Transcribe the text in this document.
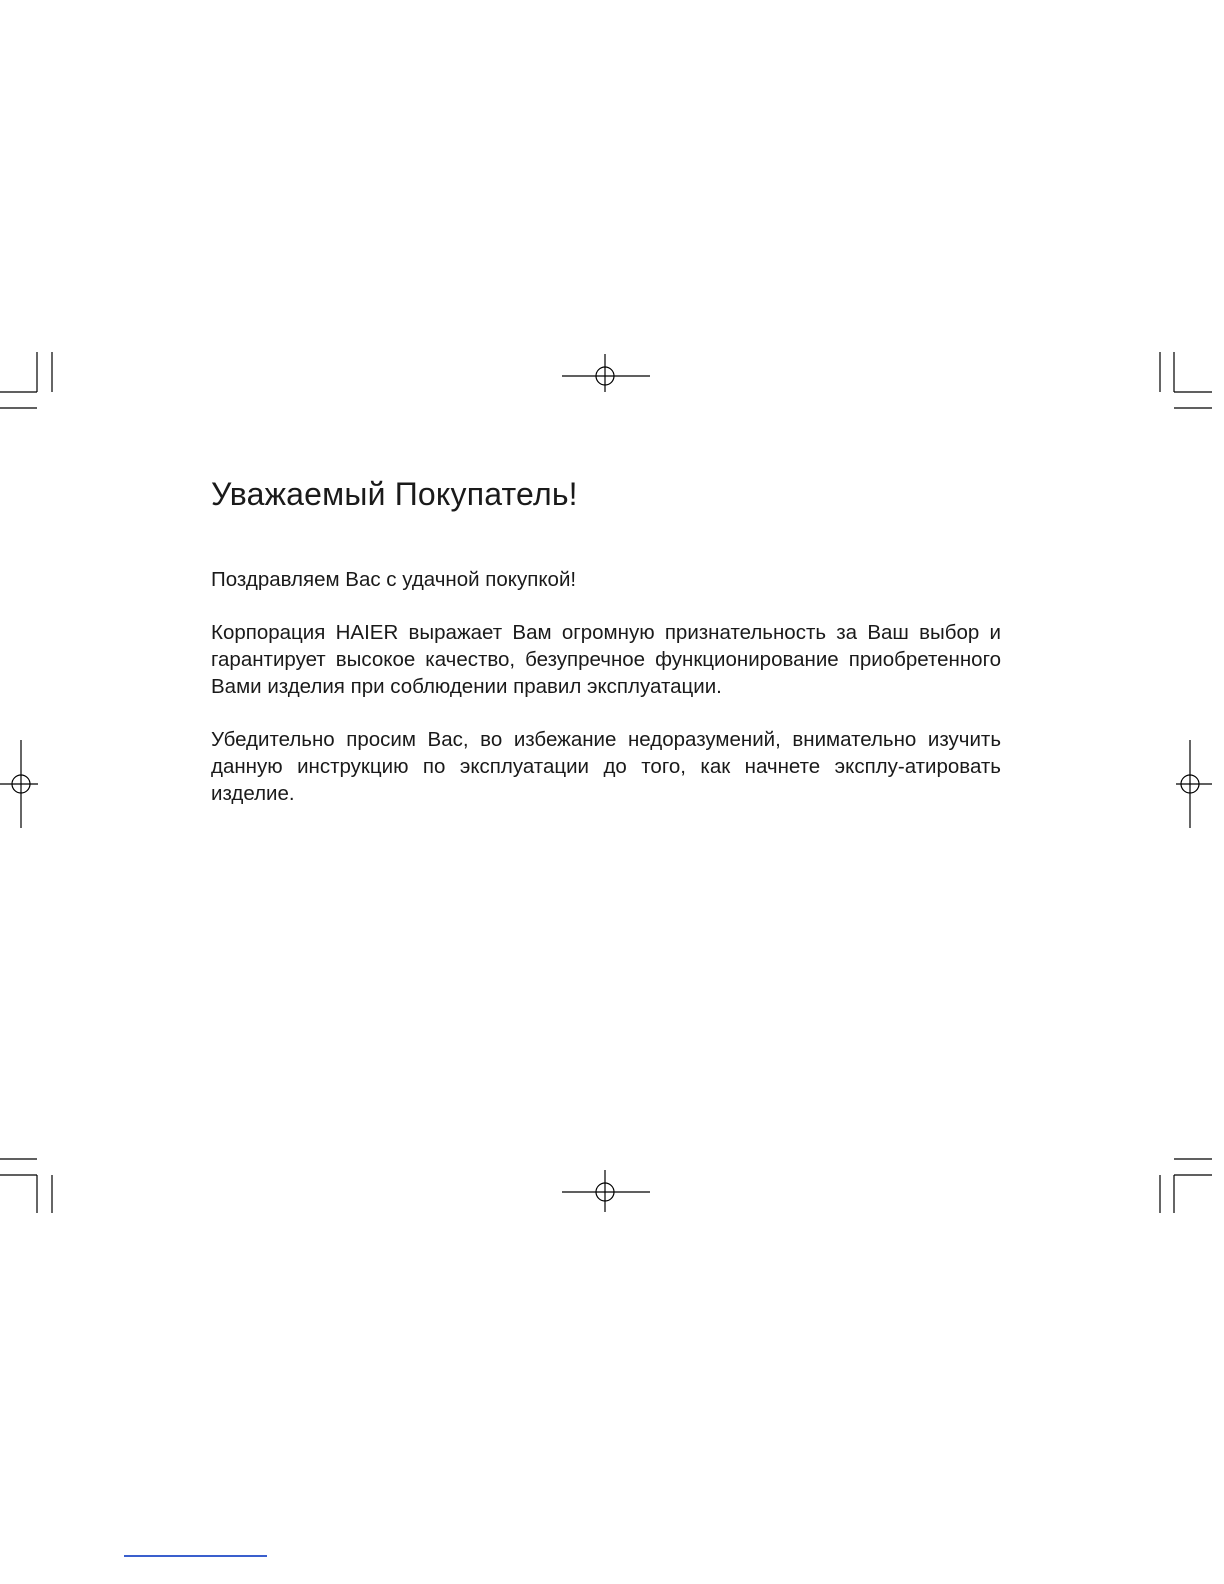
Уважаемый Покупатель!

Поздравляем Вас с удачной покупкой!

Корпорация HAIER выражает Вам огромную признательность за Ваш выбор и гарантирует высокое качество, безупречное функционирование приобретенного Вами изделия при соблюдении правил эксплуатации.

Убедительно просим Вас, во избежание недоразумений, внимательно изучить данную инструкцию по эксплуатации до того, как начнете эксплу-атировать изделие.
